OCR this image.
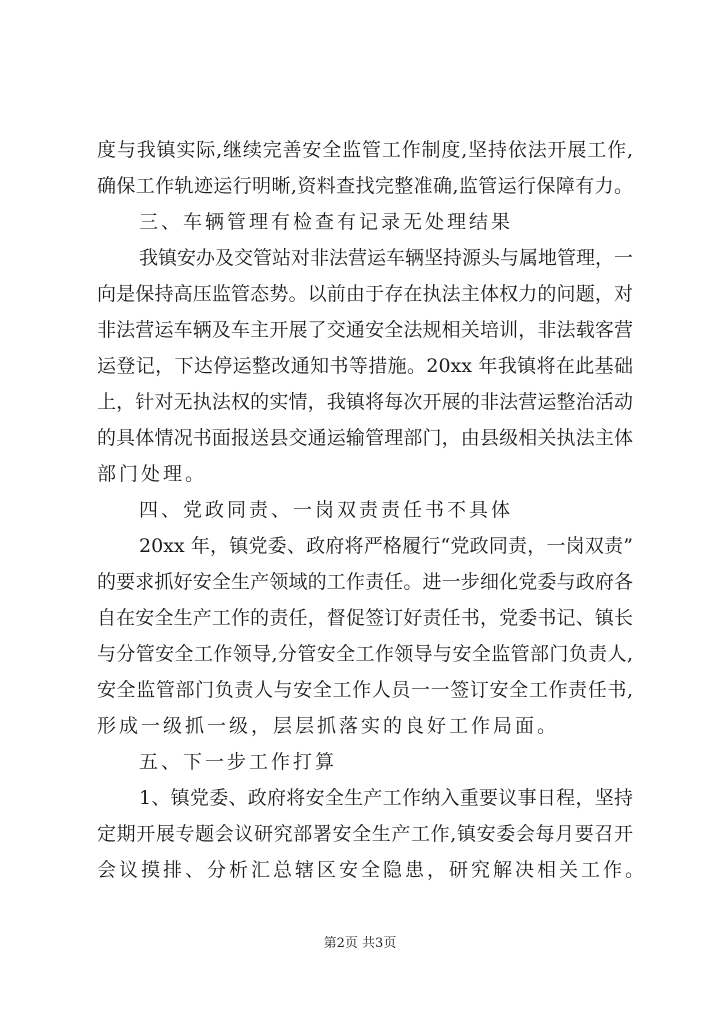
度与我镇实际,继续完善安全监管工作制度,坚持依法开展工作,
确保工作轨迹运行明晰,资料查找完整准确,监管运行保障有力。
三、车辆管理有检查有记录无处理结果
我镇安办及交管站对非法营运车辆坚持源头与属地管理，一
向是保持高压监管态势。以前由于存在执法主体权力的问题，对
非法营运车辆及车主开展了交通安全法规相关培训，非法载客营
运登记，下达停运整改通知书等措施。20xx 年我镇将在此基础
上，针对无执法权的实情，我镇将每次开展的非法营运整治活动
的具体情况书面报送县交通运输管理部门，由县级相关执法主体
部门处理。
四、党政同责、一岗双责责任书不具体
20xx 年，镇党委、政府将严格履行“党政同责，一岗双责”
的要求抓好安全生产领域的工作责任。进一步细化党委与政府各
自在安全生产工作的责任，督促签订好责任书，党委书记、镇长
与分管安全工作领导,分管安全工作领导与安全监管部门负责人,
安全监管部门负责人与安全工作人员一一签订安全工作责任书,
形成一级抓一级，层层抓落实的良好工作局面。
五、下一步工作打算
1、镇党委、政府将安全生产工作纳入重要议事日程，坚持
定期开展专题会议研究部署安全生产工作,镇安委会每月要召开
会议摸排、分析汇总辖区安全隐患，研究解决相关工作。
第2页 共3页
